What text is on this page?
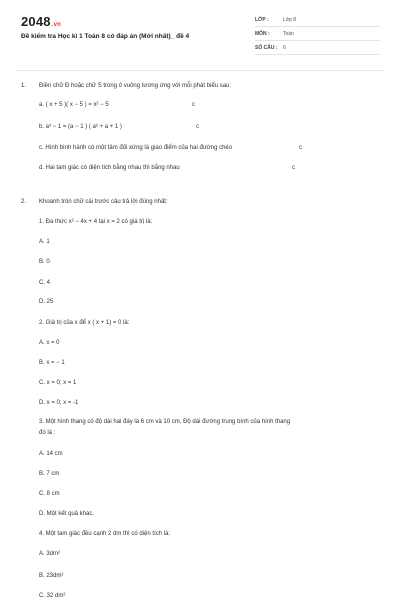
2048.vn
Đề kiểm tra Học kì 1 Toán 8 có đáp án (Mới nhất)_ đề 4
LỚP :	Lớp 8
MÔN :	Toán
SỐ CÂU : 6
1. Điền chữ Đ hoặc chữ S trong ô vuông tương ứng với mỗi phát biểu sau:
a. ( x + 5 )( x − 5 ) = x² − 5	c
b. a³ − 1 = (a − 1 ) ( a² + a + 1 )	c
c. Hình bình hành có một tâm đối xứng là giao điểm của hai đường chéo	c
d. Hai tam giác có diện tích bằng nhau thì bằng nhau	c
2. Khoanh tròn chữ cái trước câu trả lời đúng nhất:
1. Đa thức x² − 4x + 4 tại x = 2 có giá trị là:
A. 1
B. 0
C. 4
D. 25
2. Giá trị của x để x ( x + 1) = 0 là:
A. x = 0
B. x = − 1
C. x = 0; x = 1
D. x = 0; x = -1
3. Một hình thang có độ dài hai đáy là 6 cm và 10 cm. Độ dài đường trung bình của hình thang
đó là :
A. 14 cm
B. 7 cm
C. 8 cm
D. Một kết quả khác.
4. Một tam giác đều cạnh 2 dm thì có diện tích là:
A. 3dm²
B. 23dm²
C. 32 dm²
